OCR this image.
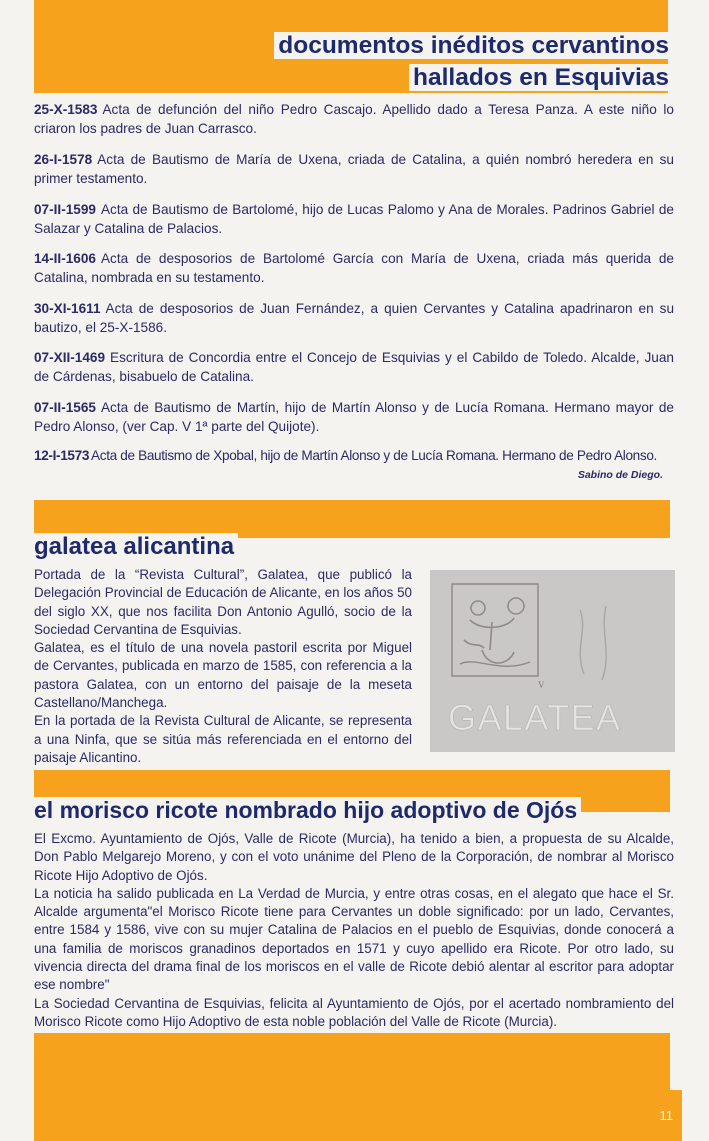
documentos inéditos cervantinos
hallados en Esquivias

25-X-1583 Acta de defunción del niño Pedro Cascajo. Apellido dado a Teresa Panza. A este niño lo criaron los padres de Juan Carrasco.

26-I-1578 Acta de Bautismo de María de Uxena, criada de Catalina, a quién nombró heredera en su primer testamento.

07-II-1599 Acta de Bautismo de Bartolomé, hijo de Lucas Palomo y Ana de Morales. Padrinos Gabriel de Salazar y Catalina de Palacios.

14-II-1606 Acta de desposorios de Bartolomé García con María de Uxena, criada más querida de Catalina, nombrada en su testamento.

30-XI-1611 Acta de desposorios de Juan Fernández, a quien Cervantes y Catalina apadrinaron en su bautizo, el 25-X-1586.

07-XII-1469 Escritura de Concordia entre el Concejo de Esquivias y el Cabildo de Toledo. Alcalde, Juan de Cárdenas, bisabuelo de Catalina.

07-II-1565 Acta de Bautismo de Martín, hijo de Martín Alonso y de Lucía Romana. Hermano mayor de Pedro Alonso, (ver Cap. V 1ª parte del Quijote).

12-I-1573 Acta de Bautismo de Xpobal, hijo de Martín Alonso y de Lucía Romana. Hermano de Pedro Alonso.

Sabino de Diego.

galatea alicantina

Portada de la “Revista Cultural”, Galatea, que publicó la Delegación Provincial de Educación de Alicante, en los años 50 del siglo XX, que nos facilita Don Antonio Agulló, socio de la Sociedad Cervantina de Esquivias.

Galatea, es el título de una novela pastoril escrita por Miguel de Cervantes, publicada en marzo de 1585, con referencia a la pastora Galatea, con un entorno del paisaje de la meseta Castellano/Manchega.

En la portada de la Revista Cultural de Alicante, se representa a una Ninfa, que se sitúa más referenciada en el entorno del paisaje Alicantino.

V
GALATEA
el morisco ricote nombrado hijo adoptivo de Ojós

El Excmo. Ayuntamiento de Ojós, Valle de Ricote (Murcia), ha tenido a bien, a propuesta de su Alcalde, Don Pablo Melgarejo Moreno, y con el voto unánime del Pleno de la Corporación, de nombrar al Morisco Ricote Hijo Adoptivo de Ojós.

La noticia ha salido publicada en La Verdad de Murcia, y entre otras cosas, en el alegato que hace el Sr. Alcalde argumenta"el Morisco Ricote tiene para Cervantes un doble significado: por un lado, Cervantes, entre 1584 y 1586, vive con su mujer Catalina de Palacios en el pueblo de Esquivias, donde conocerá a una familia de moriscos granadinos deportados en 1571 y cuyo apellido era Ricote. Por otro lado, su vivencia directa del drama final de los moriscos en el valle de Ricote debió alentar al escritor para adoptar ese nombre"

La Sociedad Cervantina de Esquivias, felicita al Ayuntamiento de Ojós, por el acertado nombramiento del Morisco Ricote como Hijo Adoptivo de esta noble población del Valle de Ricote (Murcia).

11
